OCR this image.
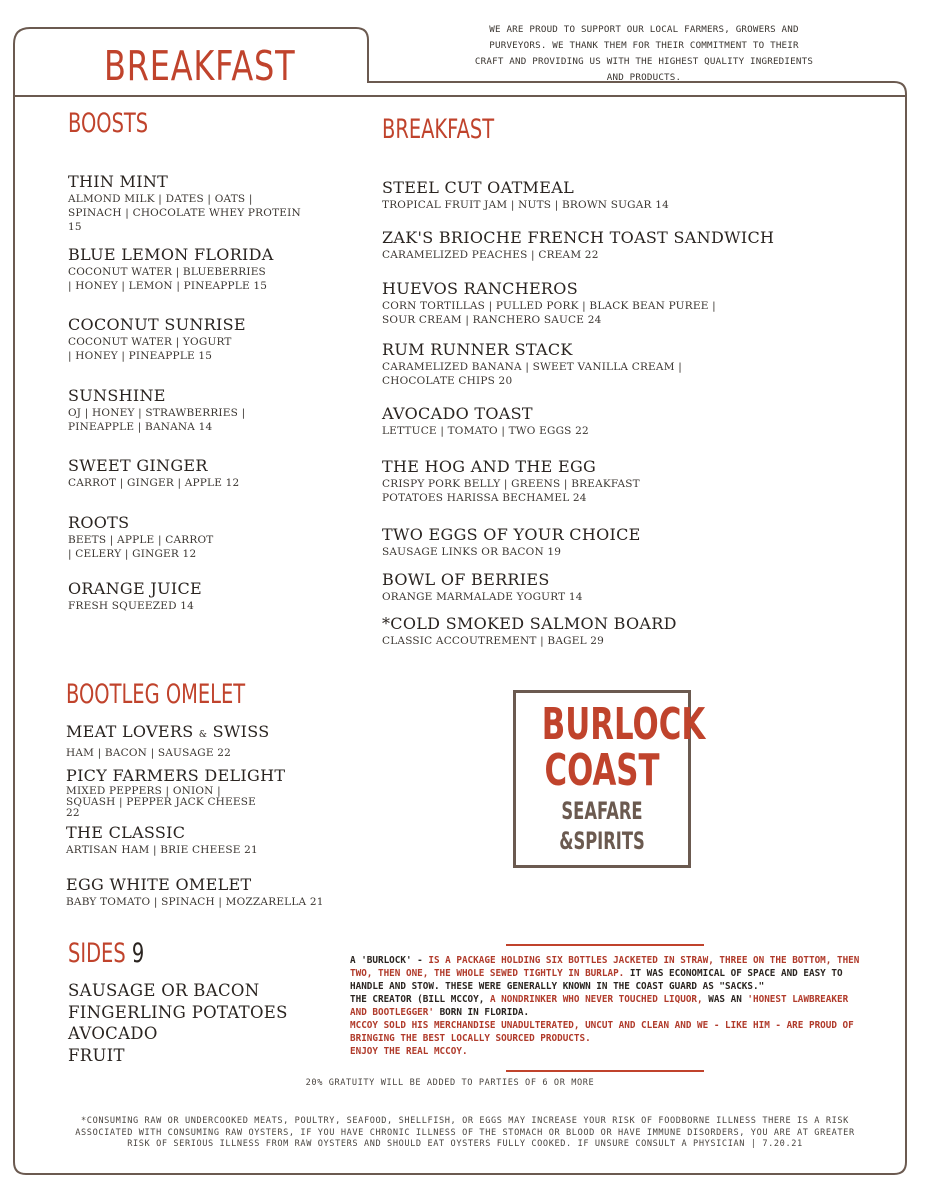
BREAKFAST
WE ARE PROUD TO SUPPORT OUR LOCAL FARMERS, GROWERS AND PURVEYORS. WE THANK THEM FOR THEIR COMMITMENT TO THEIR CRAFT AND PROVIDING US WITH THE HIGHEST QUALITY INGREDIENTS AND PRODUCTS.
BOOSTS
THIN MINT
ALMOND MILK | DATES | OATS | SPINACH | CHOCOLATE WHEY PROTEIN 15
BLUE LEMON FLORIDA
COCONUT WATER | BLUEBERRIES | HONEY | LEMON | PINEAPPLE 15
COCONUT SUNRISE
COCONUT WATER | YOGURT | HONEY | PINEAPPLE 15
SUNSHINE
OJ | HONEY | STRAWBERRIES | PINEAPPLE | BANANA 14
SWEET GINGER
CARROT | GINGER | APPLE 12
ROOTS
BEETS | APPLE | CARROT | CELERY | GINGER 12
ORANGE JUICE
FRESH SQUEEZED 14
BREAKFAST
STEEL CUT OATMEAL
TROPICAL FRUIT JAM | NUTS | BROWN SUGAR 14
ZAK'S BRIOCHE FRENCH TOAST SANDWICH
CARAMELIZED PEACHES | CREAM 22
HUEVOS RANCHEROS
CORN TORTILLAS | PULLED PORK | BLACK BEAN PUREE | SOUR CREAM | RANCHERO SAUCE 24
RUM RUNNER STACK
CARAMELIZED BANANA | SWEET VANILLA CREAM | CHOCOLATE CHIPS 20
AVOCADO TOAST
LETTUCE | TOMATO | TWO EGGS 22
THE HOG AND THE EGG
CRISPY PORK BELLY | GREENS | BREAKFAST POTATOES HARISSA BECHAMEL 24
TWO EGGS OF YOUR CHOICE
SAUSAGE LINKS OR BACON 19
BOWL OF BERRIES
ORANGE MARMALADE YOGURT 14
*COLD SMOKED SALMON BOARD
CLASSIC ACCOUTREMENT | BAGEL 29
BOOTLEG OMELET
MEAT LOVERS & SWISS
HAM | BACON | SAUSAGE 22
PICY FARMERS DELIGHT
MIXED PEPPERS | ONION | SQUASH | PEPPER JACK CHEESE 22
THE CLASSIC
ARTISAN HAM | BRIE CHEESE 21
EGG WHITE OMELET
BABY TOMATO | SPINACH | MOZZARELLA 21
SIDES 9
SAUSAGE OR BACON
FINGERLING POTATOES
AVOCADO
FRUIT
BURLOCK
COAST
SEAFARE
&SPIRITS
A 'BURLOCK' - IS A PACKAGE HOLDING SIX BOTTLES JACKETED IN STRAW, THREE ON THE BOTTOM, THEN TWO, THEN ONE, THE WHOLE SEWED TIGHTLY IN BURLAP. IT WAS ECONOMICAL OF SPACE AND EASY TO HANDLE AND STOW. THESE WERE GENERALLY KNOWN IN THE COAST GUARD AS "SACKS."
THE CREATOR (BILL MCCOY, A NONDRINKER WHO NEVER TOUCHED LIQUOR, WAS AN 'HONEST LAWBREAKER AND BOOTLEGGER' BORN IN FLORIDA.
MCCOY SOLD HIS MERCHANDISE UNADULTERATED, UNCUT AND CLEAN AND WE - LIKE HIM - ARE PROUD OF BRINGING THE BEST LOCALLY SOURCED PRODUCTS.
ENJOY THE REAL MCCOY.
20% GRATUITY WILL BE ADDED TO PARTIES OF 6 OR MORE
*CONSUMING RAW OR UNDERCOOKED MEATS, POULTRY, SEAFOOD, SHELLFISH, OR EGGS MAY INCREASE YOUR RISK OF FOODBORNE ILLNESS THERE IS A RISK ASSOCIATED WITH CONSUMING RAW OYSTERS, IF YOU HAVE CHRONIC ILLNESS OF THE STOMACH OR BLOOD OR HAVE IMMUNE DISORDERS, YOU ARE AT GREATER RISK OF SERIOUS ILLNESS FROM RAW OYSTERS AND SHOULD EAT OYSTERS FULLY COOKED. IF UNSURE CONSULT A PHYSICIAN | 7.20.21
